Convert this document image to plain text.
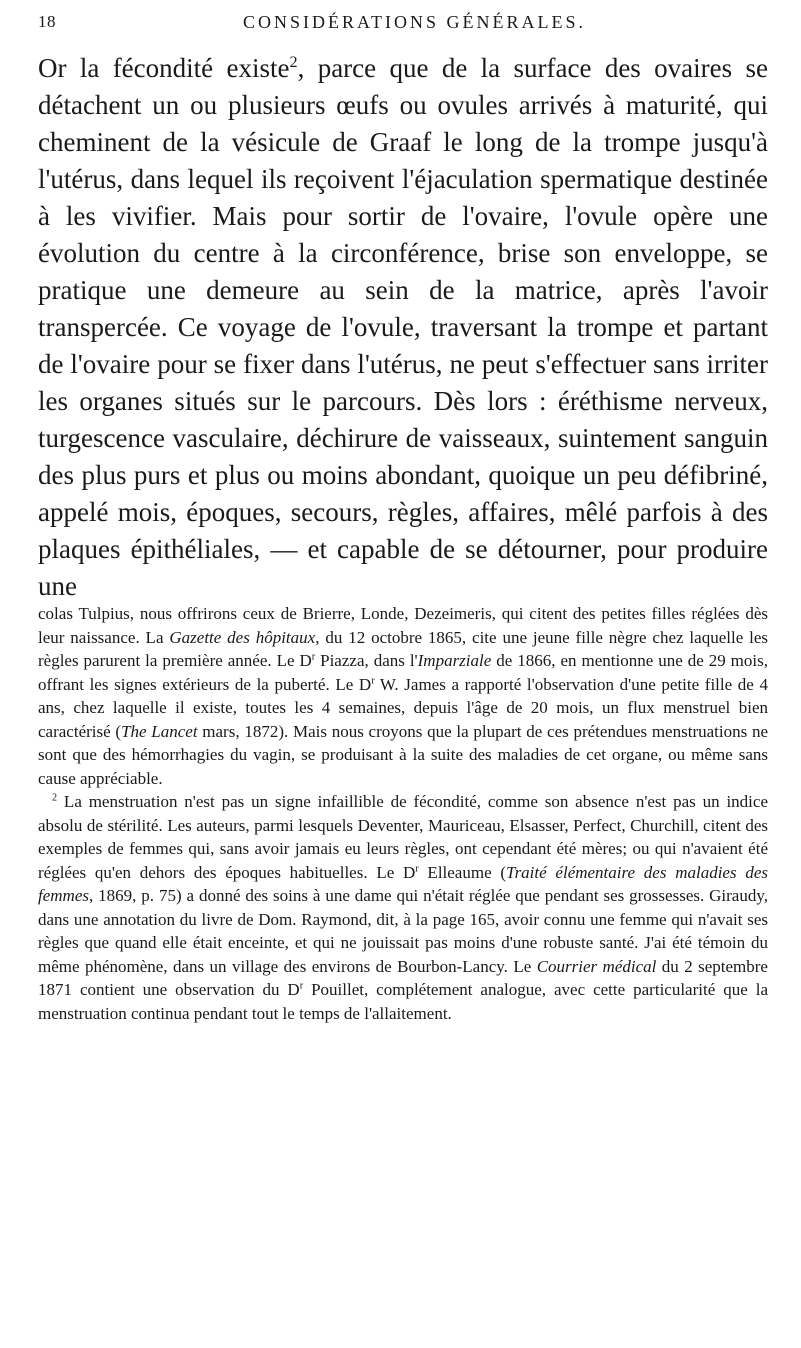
18	CONSIDÉRATIONS GÉNÉRALES.

Or la fécondité existe$^2$, parce que de la surface des ovaires se détachent un ou plusieurs œufs ou ovules arrivés à maturité, qui cheminent de la vésicule de Graaf le long de la trompe jusqu'à l'utérus, dans lequel ils reçoivent l'éjaculation spermatique destinée à les vivifier. Mais pour sortir de l'ovaire, l'ovule opère une évolution du centre à la circonférence, brise son enveloppe, se pratique une demeure au sein de la matrice, après l'avoir transpercée. Ce voyage de l'ovule, traversant la trompe et partant de l'ovaire pour se fixer dans l'utérus, ne peut s'effectuer sans irriter les organes situés sur le parcours. Dès lors : éréthisme nerveux, turgescence vasculaire, déchirure de vaisseaux, suintement sanguin des plus purs et plus ou moins abondant, quoique un peu défibriné, appelé mois, époques, secours, règles, affaires, mêlé parfois à des plaques épithéliales, — et capable de se détourner, pour produire une

colas Tulpius, nous offrirons ceux de Brierre, Londe, Dezeimeris, qui citent des petites filles réglées dès leur naissance. La Gazette des hôpitaux, du 12 octobre 1865, cite une jeune fille nègre chez laquelle les règles parurent la première année. Le $D^r$ Piazza, dans l'Imparziale de 1866, en mentionne une de 29 mois, offrant les signes extérieurs de la puberté. Le $D^r$ W. James a rapporté l'observation d'une petite fille de 4 ans, chez laquelle il existe, toutes les 4 semaines, depuis l'âge de 20 mois, un flux menstruel bien caractérisé (The Lancet mars, 1872). Mais nous croyons que la plupart de ces prétendues menstruations ne sont que des hémorrhagies du vagin, se produisant à la suite des maladies de cet organe, ou même sans cause appréciable.

$^2$ La menstruation n'est pas un signe infaillible de fécondité, comme son absence n'est pas un indice absolu de stérilité. Les auteurs, parmi lesquels Deventer, Mauriceau, Elsasser, Perfect, Churchill, citent des exemples de femmes qui, sans avoir jamais eu leurs règles, ont cependant été mères; ou qui n'avaient été réglées qu'en dehors des époques habituelles. Le $D^r$ Elleaume (Traité élémentaire des maladies des femmes, 1869, p. 75) a donné des soins à une dame qui n'était réglée que pendant ses grossesses. Giraudy, dans une annotation du livre de Dom. Raymond, dit, à la page 165, avoir connu une femme qui n'avait ses règles que quand elle était enceinte, et qui ne jouissait pas moins d'une robuste santé. J'ai été témoin du même phénomène, dans un village des environs de Bourbon-Lancy. Le Courrier médical du 2 septembre 1871 contient une observation du $D^r$ Pouillet, complétement analogue, avec cette particularité que la menstruation continua pendant tout le temps de l'allaitement.
